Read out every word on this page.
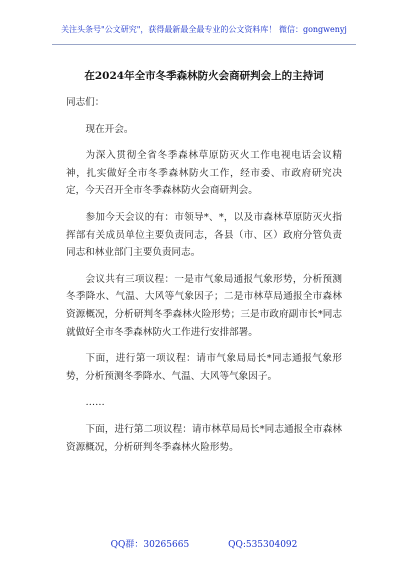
关注头条号"公文研究"，获得最新最全最专业的公文资料库！ 微信：gongwenyj
在2024年全市冬季森林防火会商研判会上的主持词

同志们：

现在开会。

为深入贯彻全省冬季森林草原防灭火工作电视电话会议精神，扎实做好全市冬季森林防火工作，经市委、市政府研究决定，今天召开全市冬季森林防火会商研判会。

参加今天会议的有：市领导*、*，以及市森林草原防灭火指挥部有关成员单位主要负责同志，各县（市、区）政府分管负责同志和林业部门主要负责同志。

会议共有三项议程：一是市气象局通报气象形势，分析预测冬季降水、气温、大风等气象因子；二是市林草局通报全市森林资源概况，分析研判冬季森林火险形势；三是市政府副市长*同志就做好全市冬季森林防火工作进行安排部署。

下面，进行第一项议程：请市气象局局长*同志通报气象形势，分析预测冬季降水、气温、大风等气象因子。

……

下面，进行第二项议程：请市林草局局长*同志通报全市森林资源概况，分析研判冬季森林火险形势。

QQ群：30265665	QQ:535304092
